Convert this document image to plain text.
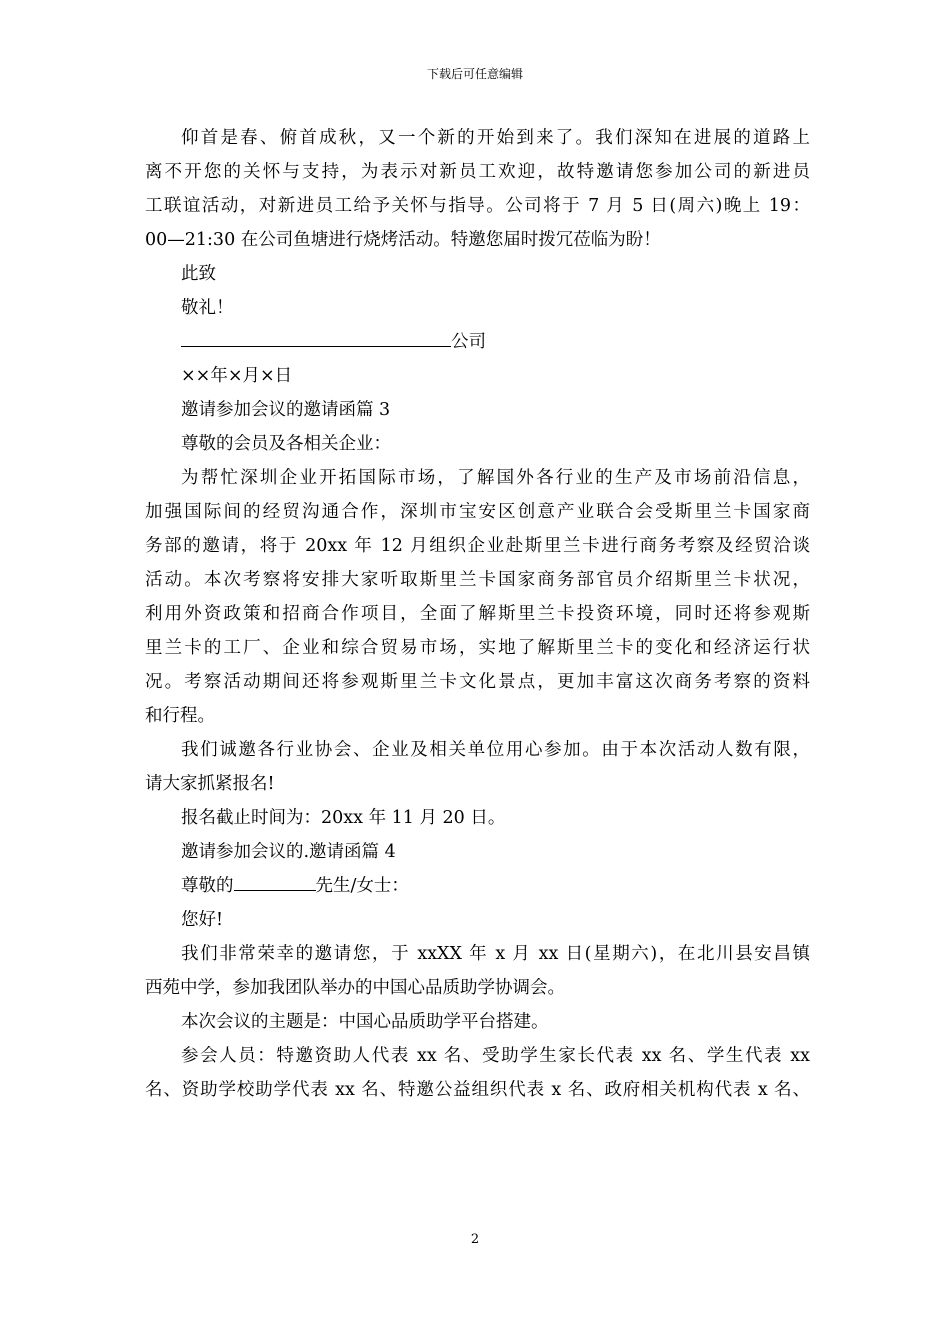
下载后可任意编辑
仰首是春、俯首成秋，又一个新的开始到来了。我们深知在进展的道路上
离不开您的关怀与支持，为表示对新员工欢迎，故特邀请您参加公司的新进员
工联谊活动，对新进员工给予关怀与指导。公司将于 7 月 5 日(周六)晚上 19：
00—21:30 在公司鱼塘进行烧烤活动。特邀您届时拨冗莅临为盼！
此致
敬礼！
公司
××年×月×日
邀请参加会议的邀请函篇 3
尊敬的会员及各相关企业：
为帮忙深圳企业开拓国际市场，了解国外各行业的生产及市场前沿信息，
加强国际间的经贸沟通合作，深圳市宝安区创意产业联合会受斯里兰卡国家商
务部的邀请，将于 20xx 年 12 月组织企业赴斯里兰卡进行商务考察及经贸洽谈
活动。本次考察将安排大家听取斯里兰卡国家商务部官员介绍斯里兰卡状况，
利用外资政策和招商合作项目，全面了解斯里兰卡投资环境，同时还将参观斯
里兰卡的工厂、企业和综合贸易市场，实地了解斯里兰卡的变化和经济运行状
况。考察活动期间还将参观斯里兰卡文化景点，更加丰富这次商务考察的资料
和行程。
我们诚邀各行业协会、企业及相关单位用心参加。由于本次活动人数有限，
请大家抓紧报名!
报名截止时间为：20xx 年 11 月 20 日。
邀请参加会议的.邀请函篇 4
尊敬的	先生/女士：
您好!
我们非常荣幸的邀请您，于 xxXX 年 x 月 xx 日(星期六)，在北川县安昌镇
西苑中学，参加我团队举办的中国心品质助学协调会。
本次会议的主题是：中国心品质助学平台搭建。
参会人员：特邀资助人代表 xx 名、受助学生家长代表 xx 名、学生代表 xx
名、资助学校助学代表 xx 名、特邀公益组织代表 x 名、政府相关机构代表 x 名、
2
